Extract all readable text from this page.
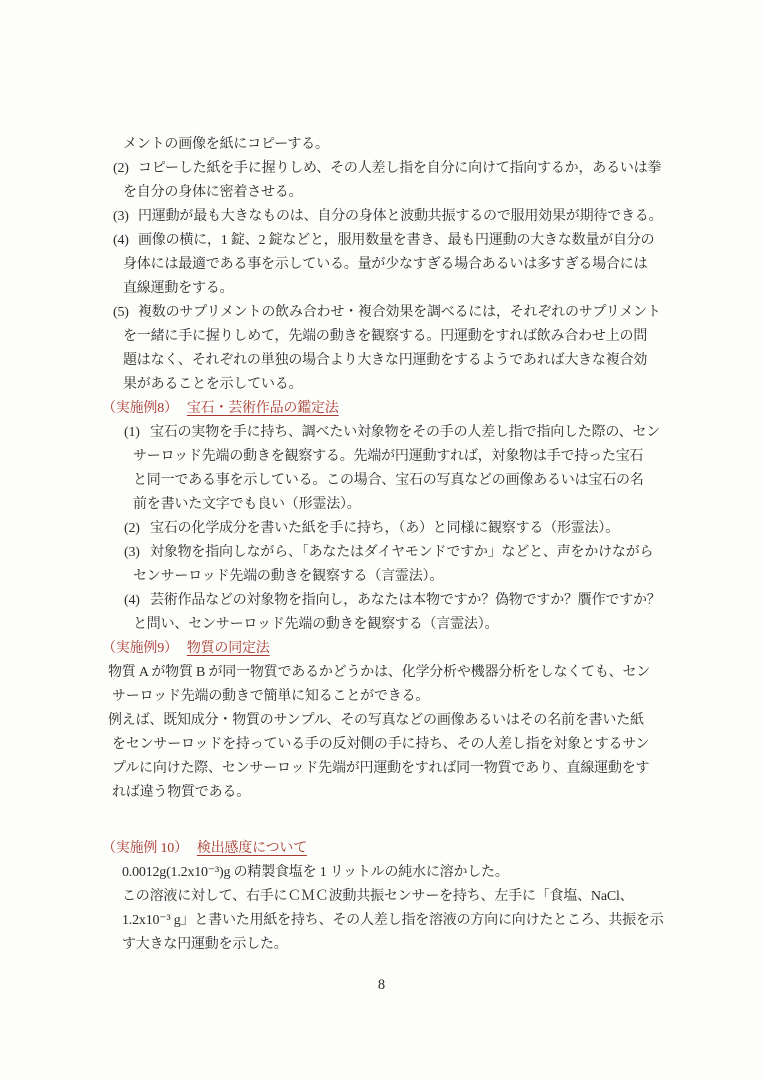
メントの画像を紙にコピーする。
(2) コピーした紙を手に握りしめ、その人差し指を自分に向けて指向するか，あるいは拳
を自分の身体に密着させる。
(3) 円運動が最も大きなものは、自分の身体と波動共振するので服用効果が期待できる。
(4) 画像の横に，1 錠、2 錠などと，服用数量を書き、最も円運動の大きな数量が自分の
身体には最適である事を示している。量が少なすぎる場合あるいは多すぎる場合には
直線運動をする。
(5) 複数のサプリメントの飲み合わせ・複合効果を調べるには，それぞれのサプリメント
を一緒に手に握りしめて，先端の動きを観察する。円運動をすれば飲み合わせ上の問
題はなく、それぞれの単独の場合より大きな円運動をするようであれば大きな複合効
果があることを示している。
（実施例8） 宝石・芸術作品の鑑定法
(1) 宝石の実物を手に持ち、調べたい対象物をその手の人差し指で指向した際の、セン
サーロッド先端の動きを観察する。先端が円運動すれば，対象物は手で持った宝石
と同一である事を示している。この場合、宝石の写真などの画像あるいは宝石の名
前を書いた文字でも良い（形霊法）。
(2) 宝石の化学成分を書いた紙を手に持ち，（あ）と同様に観察する（形霊法）。
(3) 対象物を指向しながら、「あなたはダイヤモンドですか」などと、声をかけながら
センサーロッド先端の動きを観察する（言霊法）。
(4) 芸術作品などの対象物を指向し，あなたは本物ですか？偽物ですか？贋作ですか？
と問い、センサーロッド先端の動きを観察する（言霊法）。
（実施例9） 物質の同定法
物質 A が物質 B が同一物質であるかどうかは、化学分析や機器分析をしなくても、セン
サーロッド先端の動きで簡単に知ることができる。
例えば、既知成分・物質のサンプル、その写真などの画像あるいはその名前を書いた紙
をセンサーロッドを持っている手の反対側の手に持ち、その人差し指を対象とするサン
プルに向けた際、センサーロッド先端が円運動をすれば同一物質であり、直線運動をす
れば違う物質である。
（実施例 10） 検出感度について
0.0012g(1.2x10⁻³)g の精製食塩を 1 リットルの純水に溶かした。
この溶液に対して、右手にＣＭＣ波動共振センサーを持ち、左手に「食塩、NaCl、
1.2x10⁻³ g」と書いた用紙を持ち、その人差し指を溶液の方向に向けたところ、共振を示
す大きな円運動を示した。
8
